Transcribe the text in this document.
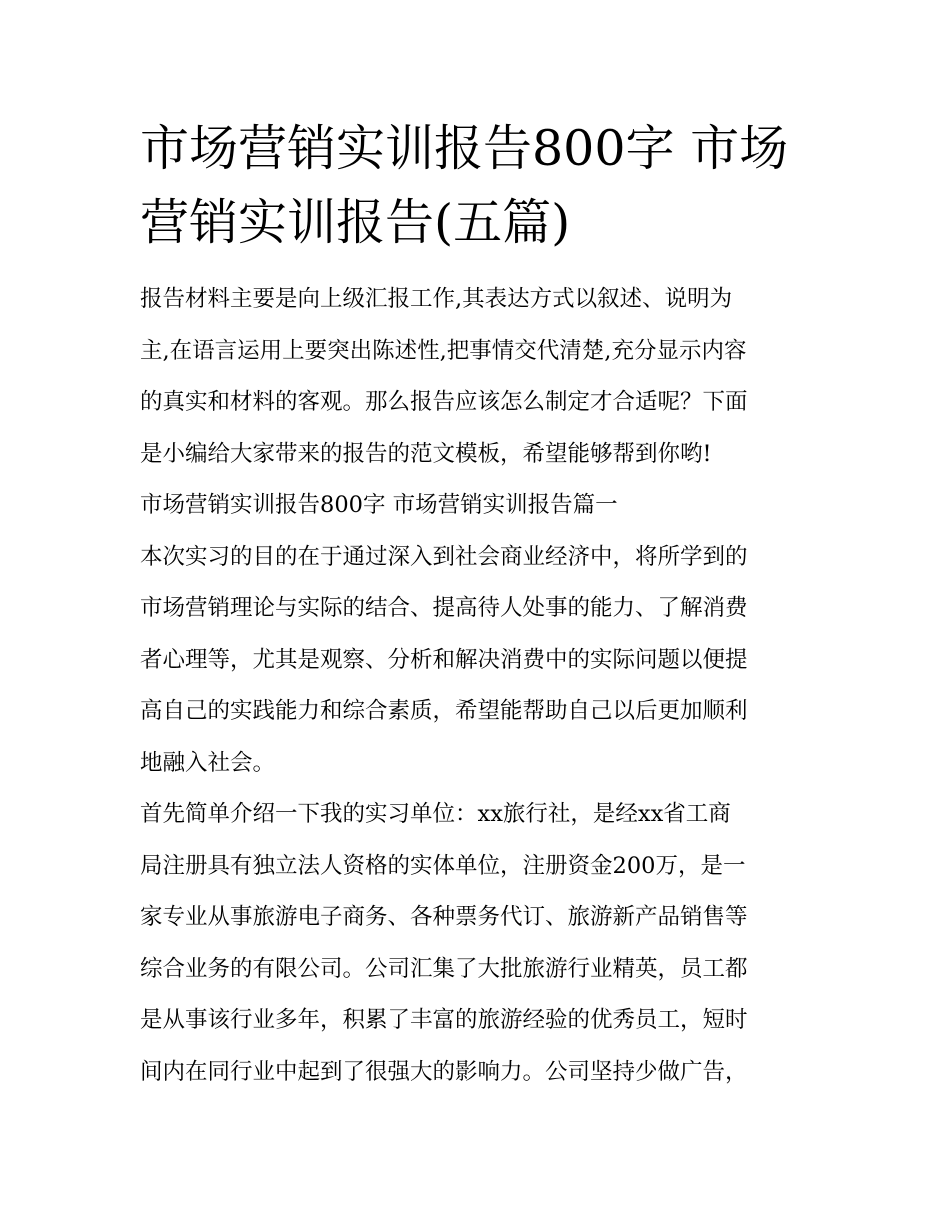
市场营销实训报告800字 市场
营销实训报告(五篇)
报告材料主要是向上级汇报工作,其表达方式以叙述、说明为
主,在语言运用上要突出陈述性,把事情交代清楚,充分显示内容
的真实和材料的客观。那么报告应该怎么制定才合适呢？下面
是小编给大家带来的报告的范文模板，希望能够帮到你哟!
市场营销实训报告800字 市场营销实训报告篇一
本次实习的目的在于通过深入到社会商业经济中，将所学到的
市场营销理论与实际的结合、提高待人处事的能力、了解消费
者心理等，尤其是观察、分析和解决消费中的实际问题以便提
高自己的实践能力和综合素质，希望能帮助自己以后更加顺利
地融入社会。
首先简单介绍一下我的实习单位：xx旅行社，是经xx省工商
局注册具有独立法人资格的实体单位，注册资金200万，是一
家专业从事旅游电子商务、各种票务代订、旅游新产品销售等
综合业务的有限公司。公司汇集了大批旅游行业精英，员工都
是从事该行业多年，积累了丰富的旅游经验的优秀员工，短时
间内在同行业中起到了很强大的影响力。公司坚持少做广告，
